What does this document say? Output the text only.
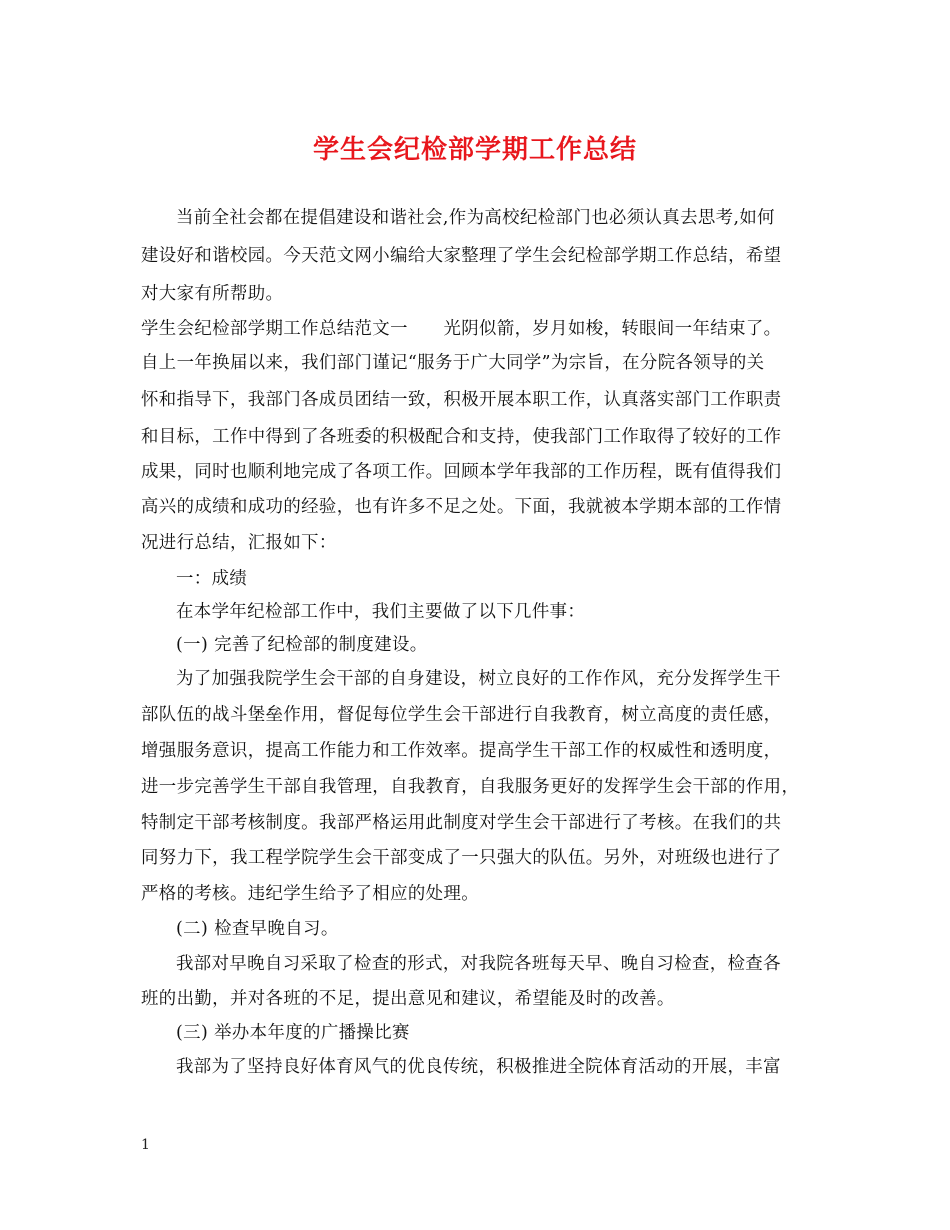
学生会纪检部学期工作总结
当前全社会都在提倡建设和谐社会,作为高校纪检部门也必须认真去思考,如何
建设好和谐校园。今天范文网小编给大家整理了学生会纪检部学期工作总结，希望
对大家有所帮助。
学生会纪检部学期工作总结范文一　　光阴似箭，岁月如梭，转眼间一年结束了。
自上一年换届以来，我们部门谨记“服务于广大同学”为宗旨，在分院各领导的关
怀和指导下，我部门各成员团结一致，积极开展本职工作，认真落实部门工作职责
和目标，工作中得到了各班委的积极配合和支持，使我部门工作取得了较好的工作
成果，同时也顺利地完成了各项工作。回顾本学年我部的工作历程，既有值得我们
高兴的成绩和成功的经验，也有许多不足之处。下面，我就被本学期本部的工作情
况进行总结，汇报如下：
一：成绩
在本学年纪检部工作中，我们主要做了以下几件事：
(一) 完善了纪检部的制度建设。
为了加强我院学生会干部的自身建设，树立良好的工作作风，充分发挥学生干
部队伍的战斗堡垒作用，督促每位学生会干部进行自我教育，树立高度的责任感，
增强服务意识，提高工作能力和工作效率。提高学生干部工作的权威性和透明度，
进一步完善学生干部自我管理，自我教育，自我服务更好的发挥学生会干部的作用，
特制定干部考核制度。我部严格运用此制度对学生会干部进行了考核。在我们的共
同努力下，我工程学院学生会干部变成了一只强大的队伍。另外，对班级也进行了
严格的考核。违纪学生给予了相应的处理。
(二) 检查早晚自习。
我部对早晚自习采取了检查的形式，对我院各班每天早、晚自习检查，检查各
班的出勤，并对各班的不足，提出意见和建议，希望能及时的改善。
(三) 举办本年度的广播操比赛
我部为了坚持良好体育风气的优良传统，积极推进全院体育活动的开展，丰富
1
